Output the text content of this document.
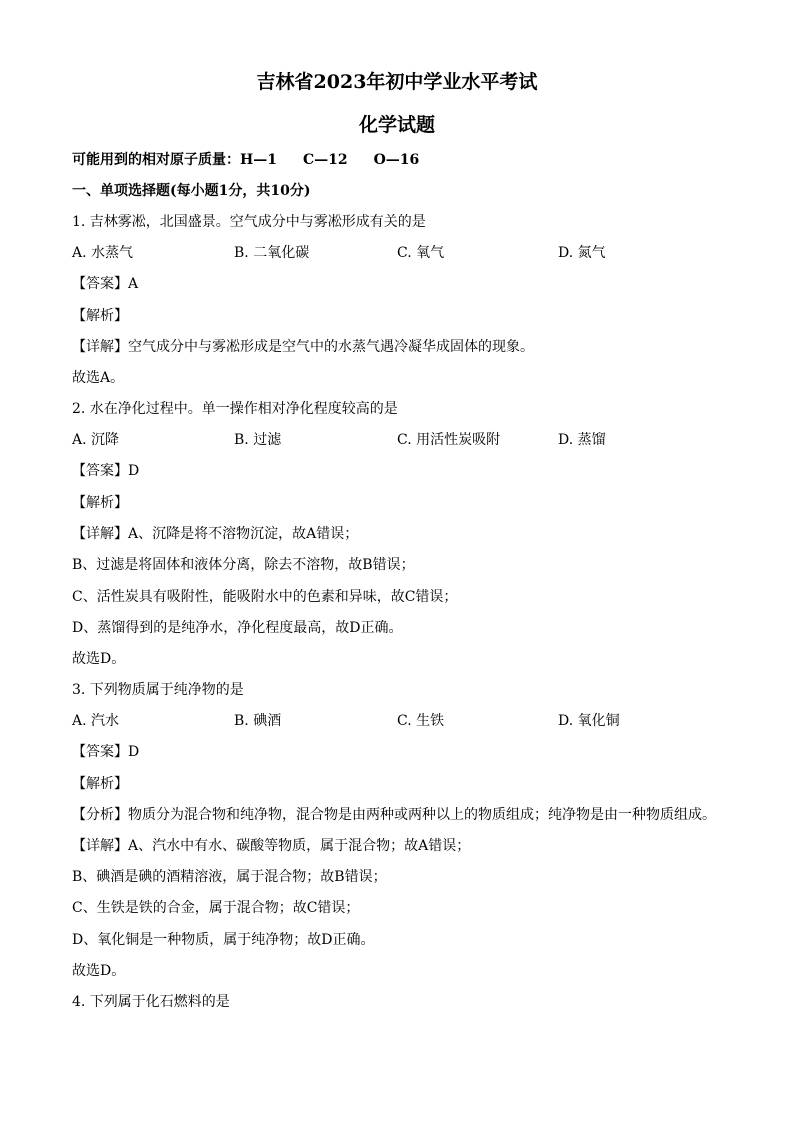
吉林省2023年初中学业水平考试
化学试题
可能用到的相对原子质量：H—1 C—12 O—16
一、单项选择题(每小题1分，共10分)
1. 吉林雾凇，北国盛景。空气成分中与雾凇形成有关的是
A. 水蒸气	B. 二氧化碳	C. 氧气	D. 氮气
【答案】A
【解析】
【详解】空气成分中与雾凇形成是空气中的水蒸气遇冷凝华成固体的现象。
故选A。
2. 水在净化过程中。单一操作相对净化程度较高的是
A. 沉降	B. 过滤	C. 用活性炭吸附	D. 蒸馏
【答案】D
【解析】
【详解】A、沉降是将不溶物沉淀，故A错误；
B、过滤是将固体和液体分离，除去不溶物，故B错误；
C、活性炭具有吸附性，能吸附水中的色素和异味，故C错误；
D、蒸馏得到的是纯净水，净化程度最高，故D正确。
故选D。
3. 下列物质属于纯净物的是
A. 汽水	B. 碘酒	C. 生铁	D. 氧化铜
【答案】D
【解析】
【分析】物质分为混合物和纯净物，混合物是由两种或两种以上的物质组成；纯净物是由一种物质组成。
【详解】A、汽水中有水、碳酸等物质，属于混合物；故A错误；
B、碘酒是碘的酒精溶液，属于混合物；故B错误；
C、生铁是铁的合金，属于混合物；故C错误；
D、氧化铜是一种物质，属于纯净物；故D正确。
故选D。
4. 下列属于化石燃料的是
